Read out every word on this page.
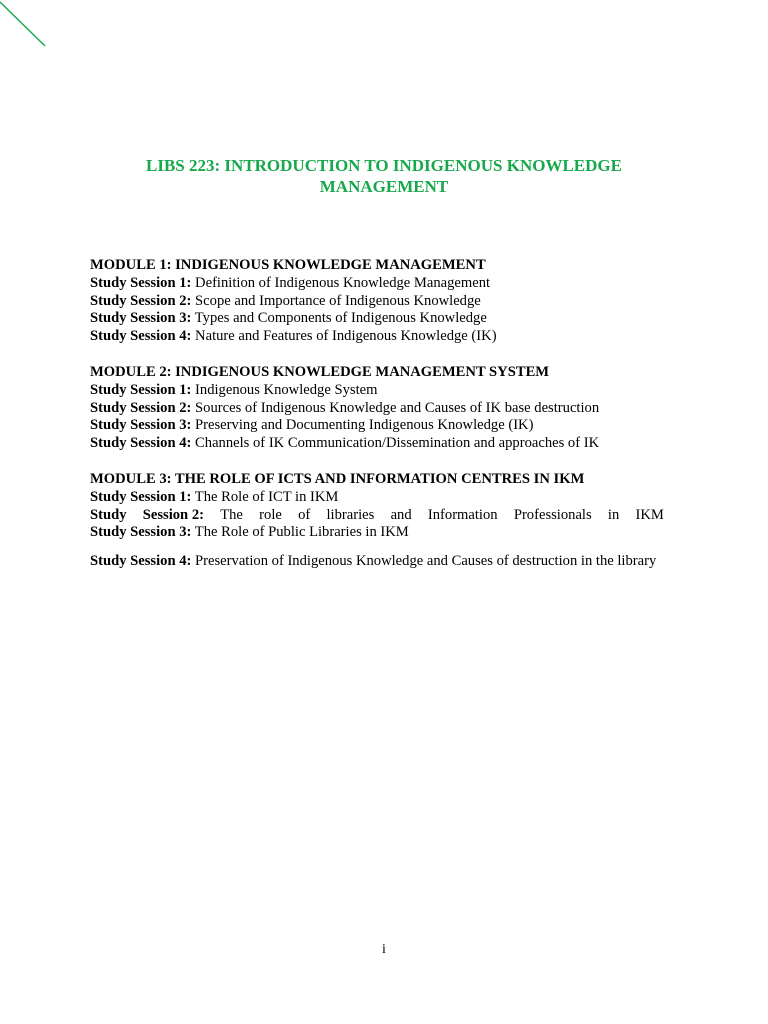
LIBS 223: INTRODUCTION TO INDIGENOUS KNOWLEDGE MANAGEMENT
MODULE 1: INDIGENOUS KNOWLEDGE MANAGEMENT
Study Session 1: Definition of Indigenous Knowledge Management
Study Session 2: Scope and Importance of Indigenous Knowledge
Study Session 3: Types and Components of Indigenous Knowledge
Study Session 4: Nature and Features of Indigenous Knowledge (IK)
MODULE 2: INDIGENOUS KNOWLEDGE MANAGEMENT SYSTEM
Study Session 1: Indigenous Knowledge System
Study Session 2: Sources of Indigenous Knowledge and Causes of IK base destruction
Study Session 3: Preserving and Documenting Indigenous Knowledge (IK)
Study Session 4: Channels of IK Communication/Dissemination and approaches of IK
MODULE 3: THE ROLE OF ICTS AND INFORMATION CENTRES IN IKM
Study Session 1: The Role of ICT in IKM
Study Session 2: The role of libraries and Information Professionals in IKM
Study Session 3: The Role of Public Libraries in IKM
Study Session 4: Preservation of Indigenous Knowledge and Causes of destruction in the library
i
